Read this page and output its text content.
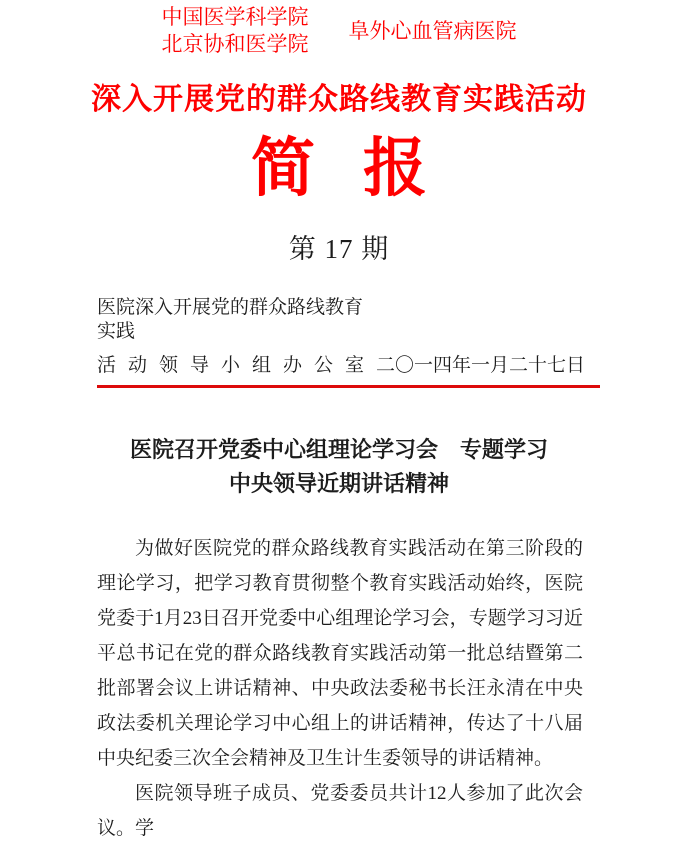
中国医学科学院
北京协和医学院
阜外心血管病医院
深入开展党的群众路线教育实践活动
简 报
第 17 期
医院深入开展党的群众路线教育实践
活动领导小组办公室 二〇一四年一月二十七日
医院召开党委中心组理论学习会　专题学习
中央领导近期讲话精神

为做好医院党的群众路线教育实践活动在第三阶段的理论学习，把学习教育贯彻整个教育实践活动始终，医院党委于1月23日召开党委中心组理论学习会，专题学习习近平总书记在党的群众路线教育实践活动第一批总结暨第二批部署会议上讲话精神、中央政法委秘书长汪永清在中央政法委机关理论学习中心组上的讲话精神，传达了十八届中央纪委三次全会精神及卫生计生委领导的讲话精神。

医院领导班子成员、党委委员共计12人参加了此次会议。学
